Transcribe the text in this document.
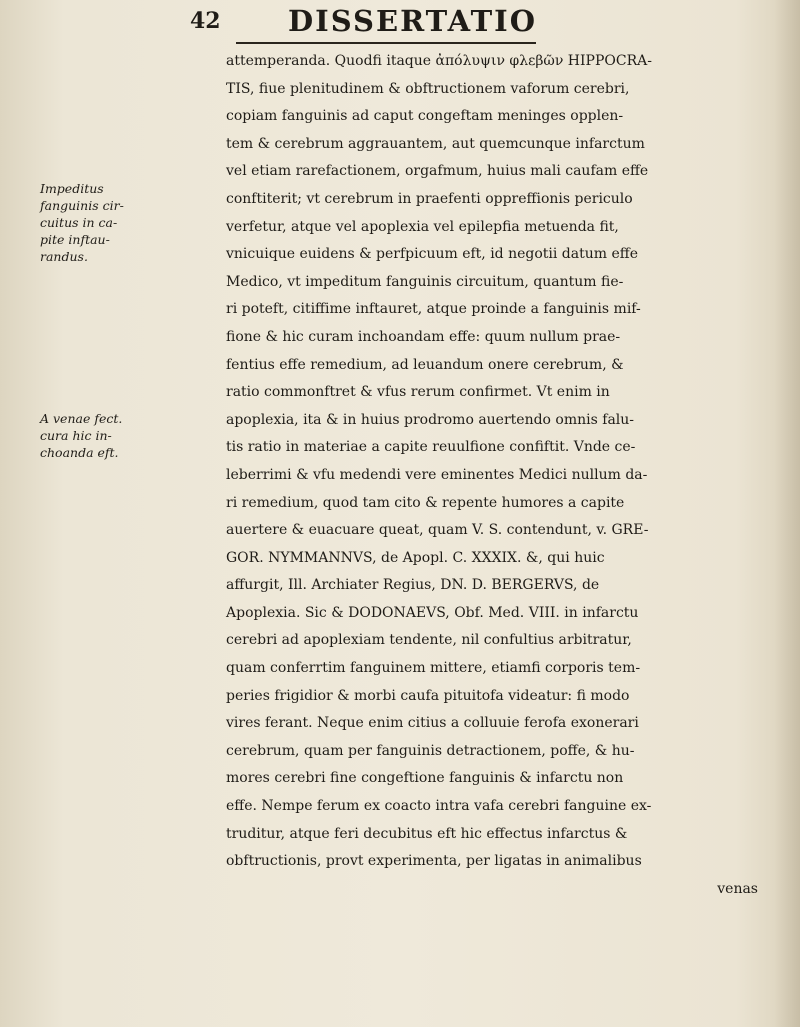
42 DISSERTATIO
Impeditus
fanguinis cir-
cuitus in ca-
pite inftau-
randus.
A venae fect.
cura hic in-
choanda eft.
attemperanda. Quodfi itaque ἀπόλυψιν φλεβῶν HIPPOCRA-
TIS, fiue plenitudinem & obftructionem vaforum cerebri,
copiam fanguinis ad caput congeftam meninges opplen-
tem & cerebrum aggrauantem, aut quemcunque infarctum
vel etiam rarefactionem, orgafmum, huius mali caufam effe
conftiterit; vt cerebrum in praefenti oppreffionis periculo
verfetur, atque vel apoplexia vel epilepfia metuenda fit,
vnicuique euidens & perfpicuum eft, id negotii datum effe
Medico, vt impeditum fanguinis circuitum, quantum fie-
ri poteft, citiffime inftauret, atque proinde a fanguinis mif-
fione & hic curam inchoandam effe: quum nullum prae-
fentius effe remedium, ad leuandum onere cerebrum, &
ratio commonftret & vfus rerum confirmet. Vt enim in
apoplexia, ita & in huius prodromo auertendo omnis falu-
tis ratio in materiae a capite reuulfione confiftit. Vnde ce-
leberrimi & vfu medendi vere eminentes Medici nullum da-
ri remedium, quod tam cito & repente humores a capite
auertere & euacuare queat, quam V. S. contendunt, v. GRE-
GOR. NYMMANNVS, de Apopl. C. XXXIX. &, qui huic
affurgit, Ill. Archiater Regius, DN. D. BERGERVS, de
Apoplexia. Sic & DODONAEVS, Obf. Med. VIII. in infarctu
cerebri ad apoplexiam tendente, nil confultius arbitratur,
quam conferrtim fanguinem mittere, etiamfi corporis tem-
peries frigidior & morbi caufa pituitofa videatur: fi modo
vires ferant. Neque enim citius a colluuie ferofa exonerari
cerebrum, quam per fanguinis detractionem, poffe, & hu-
mores cerebri fine congeftione fanguinis & infarctu non
effe. Nempe ferum ex coacto intra vafa cerebri fanguine ex-
truditur, atque feri decubitus eft hic effectus infarctus &
obftructionis, provt experimenta, per ligatas in animalibus
venas
